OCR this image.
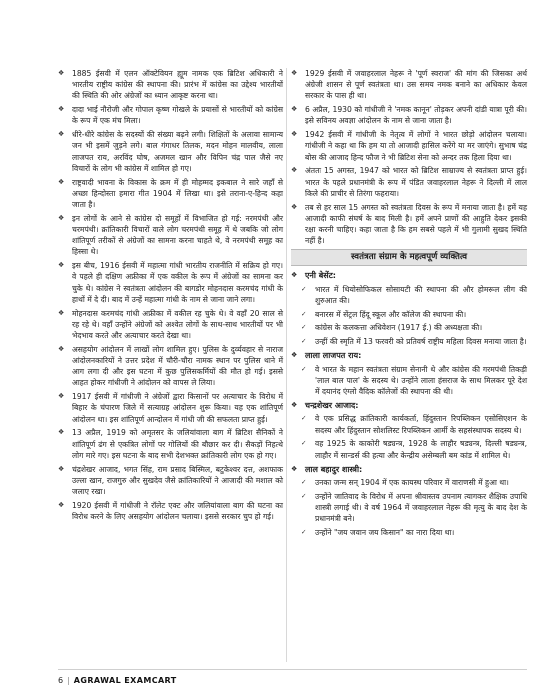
❖ 1885 ईसवी में एलन ऑक्टेवियन ह्यूम नामक एक ब्रिटिश अधिकारी ने भारतीय राष्ट्रीय कांग्रेस की स्थापना की। प्रारंभ में कांग्रेस का उद्देश्य भारतीयों की स्थिति की ओर अंग्रेजों का ध्यान आकृष्ट करना था।
❖ दादा भाई नौरोजी और गोपाल कृष्ण गोखले के प्रयासों से भारतीयों को कांग्रेस के रूप में एक मंच मिला।
❖ धीरे-धीरे कांग्रेस के सदस्यों की संख्या बढ़ने लगी। शिक्षितों के अलावा सामान्य जन भी इसमें जुड़ने लगे। बाल गंगाधर तिलक, मदन मोहन मालवीय, लाला लाजपत राय, अरविंद घोष, अजमल खान और विपिन चंद्र पाल जैसे नए विचारों के लोग भी कांग्रेस में शामिल हो गए।
❖ राष्ट्रवादी भावना के विकास के क्रम में ही मोहम्मद इकबाल ने सारे जहाँ से अच्छा हिन्दोस्ता हमारा गीत 1904 में लिखा था। इसे तराना-ए-हिन्द कहा जाता है।
❖ इन लोगों के आने से कांग्रेस दो समूहों में विभाजित हो गई: नरमपंथी और चरमपंथी। क्रांतिकारी विचारों वाले लोग चरमपंथी समूह में थे जबकि जो लोग शांतिपूर्ण तरीकों से अंग्रेजों का सामना करना चाहते थे, वे नरमपंथी समूह का हिस्सा थे।
❖ इस बीच, 1916 ईसवी में महात्मा गांधी भारतीय राजनीति में सक्रिय हो गए। वे पहले ही दक्षिण अफ्रीका में एक वकील के रूप में अंग्रेजों का सामना कर चुके थे। कांग्रेस ने स्वतंत्रता आंदोलन की बागडोर मोहनदास करमचंद गांधी के हाथों में दे दी। बाद में उन्हें महात्मा गांधी के नाम से जाना जाने लगा।
❖ मोहनदास करमचंद गांधी अफ्रीका में वकील रह चुके थे। वे वहाँ 20 साल से रह रहे थे। वहाँ उन्होंने अंग्रेजों को अश्वेत लोगों के साथ-साथ भारतीयों पर भी भेदभाव करते और अत्याचार करते देखा था।
❖ असहयोग आंदोलन में लाखों लोग शामिल हुए। पुलिस के दुर्व्यवहार से नाराज आंदोलनकारियों ने उत्तर प्रदेश में चौरी-चौरा नामक स्थान पर पुलिस थाने में आग लगा दी और इस घटना में कुछ पुलिसकर्मियों की मौत हो गई। इससे आहत होकर गांधीजी ने आंदोलन को वापस ले लिया।
❖ 1917 ईसवी में गांधीजी ने अंग्रेजों द्वारा किसानों पर अत्याचार के विरोध में बिहार के चंपारण जिले में सत्याग्रह आंदोलन शुरू किया। यह एक शांतिपूर्ण आंदोलन था। इस शांतिपूर्ण आन्दोलन में गांधी जी की सफलता प्राप्त हुई।
❖ 13 अप्रैल, 1919 को अमृतसर के जलियांवाला बाग में ब्रिटिश सैनिकों ने शांतिपूर्ण ढंग से एकत्रित लोगों पर गोलियों की बौछार कर दी। सैकड़ों निहत्थे लोग मारे गए। इस घटना के बाद सभी देशभक्त क्रांतिकारी लोग एक हो गए।
❖ चंद्रशेखर आजाद, भगत सिंह, राम प्रसाद बिस्मिल, बटुकेश्वर दत्त, अशफाक उल्ला खान, राजगुरु और सुखदेव जैसे क्रांतिकारियों ने आजादी की मशाल को जलाए रखा।
❖ 1920 ईसवी में गांधीजी ने रॉलेट एक्ट और जलियांवाला बाग की घटना का विरोध करने के लिए असहयोग आंदोलन चलाया। इससे सरकार चुप हो गई।
❖ 1929 ईसवी में जवाहरलाल नेहरू ने 'पूर्ण स्वराज' की मांग की जिसका अर्थ अंग्रेजी शासन से पूर्ण स्वतंत्रता था। उस समय नमक बनाने का अधिकार केवल सरकार के पास ही था।
❖ 6 अप्रैल, 1930 को गांधीजी ने 'नमक कानून' तोड़कर अपनी दांडी यात्रा पूरी की। इसे सविनय अवज्ञा आंदोलन के नाम से जाना जाता है।
❖ 1942 ईसवी में गांधीजी के नेतृत्व में लोगों ने भारत छोड़ो आंदोलन चलाया। गांधीजी ने कहा था कि हम या तो आजादी हासिल करेंगे या मर जाएंगे। सुभाष चंद्र बोस की आजाद हिन्द फौज ने भी ब्रिटिश सेना को अन्दर तक हिला दिया था।
❖ अंततः 15 अगस्त, 1947 को भारत को ब्रिटिश साम्राज्य से स्वतंत्रता प्राप्त हुई। भारत के पहले प्रधानमंत्री के रूप में पंडित जवाहरलाल नेहरू ने दिल्ली में लाल किले की प्राचीर से तिरंगा फहराया।
❖ तब से हर साल 15 अगस्त को स्वतंत्रता दिवस के रूप में मनाया जाता है। हमें यह आजादी काफी संघर्ष के बाद मिली है। हमें अपने प्राणों की आहुति देकर इसकी रक्षा करनी चाहिए। कहा जाता है कि हम सबसे पहले में भी गुलामी सुखद स्थिति नहीं है।
स्वतंत्रता संग्राम के महत्वपूर्ण व्यक्तित्व
❖ एनी बेसेंट:
✓ भारत में थियोसोफिकल सोसायटी की स्थापना की और होमरूल लीग की शुरुआत की।
✓ बनारस में सेंट्रल हिंदू स्कूल और कॉलेज की स्थापना की।
✓ कांग्रेस के कलकत्ता अधिवेशन (1917 ई.) की अध्यक्षता की।
✓ उन्हीं की स्मृति में 13 फरवरी को प्रतिवर्ष राष्ट्रीय महिला दिवस मनाया जाता है।
❖ लाला लाजपत राय:
✓ वे भारत के महान स्वतंत्रता संग्राम सेनानी थे और कांग्रेस की गरमपंथी तिकड़ी 'लाल बाल पाल' के सदस्य थे। उन्होंने लाला हंसराज के साथ मिलकर पूरे देश में दयानंद एंग्लो वैदिक कॉलेजों की स्थापना की थी।
❖ चन्द्रशेखर आजाद:
✓ वे एक प्रसिद्ध क्रांतिकारी कार्यकर्ता, हिंदुस्तान रिपब्लिकन एसोसिएशन के सदस्य और हिंदुस्तान सोशलिस्ट रिपब्लिकन आर्मी के सहसंस्थापक सदस्य थे।
✓ वह 1925 के काकोरी षड्यन्त्र, 1928 के लाहौर षड्यन्त्र, दिल्ली षड्यन्त्र, लाहौर में सान्डर्स की हत्या और केन्द्रीय असेम्बली बम कांड में शामिल थे।
❖ लाल बहादुर शास्त्री:
✓ उनका जन्म सन् 1904 में एक कायस्थ परिवार में वाराणसी में हुआ था।
✓ उन्होंने जातिवाद के विरोध में अपना श्रीवास्तव उपनाम त्यागकर शैक्षिक उपाधि शास्त्री लगाई थी। वे वर्ष 1964 में जवाहरलाल नेहरू की मृत्यु के बाद देश के प्रधानमंत्री बने।
✓ उन्होंने "जय जवान जय किसान" का नारा दिया था।
6 | AGRAWAL EXAMCART
